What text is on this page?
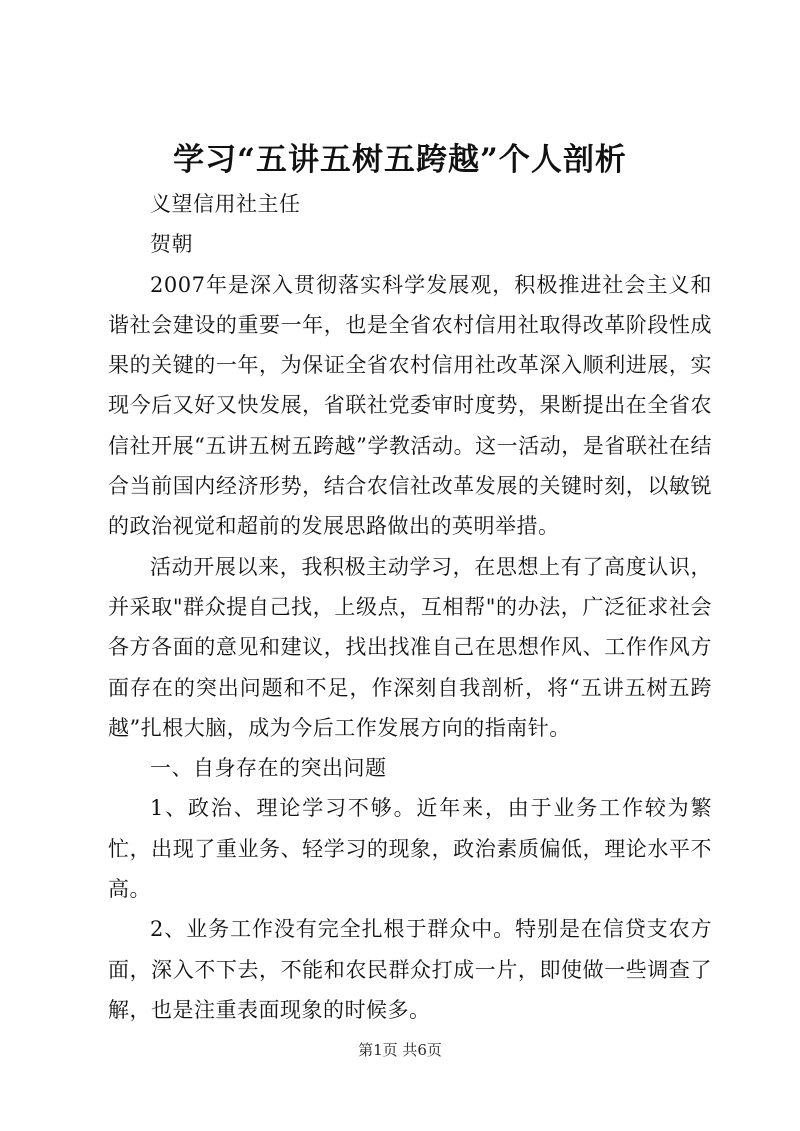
学习“五讲五树五跨越”个人剖析

义望信用社主任

贺朝

2007年是深入贯彻落实科学发展观，积极推进社会主义和谐社会建设的重要一年，也是全省农村信用社取得改革阶段性成果的关键的一年，为保证全省农村信用社改革深入顺利进展，实现今后又好又快发展，省联社党委审时度势，果断提出在全省农信社开展“五讲五树五跨越”学教活动。这一活动，是省联社在结合当前国内经济形势，结合农信社改革发展的关键时刻，以敏锐的政治视觉和超前的发展思路做出的英明举措。

活动开展以来，我积极主动学习，在思想上有了高度认识，并采取"群众提自己找，上级点，互相帮"的办法，广泛征求社会各方各面的意见和建议，找出找准自己在思想作风、工作作风方面存在的突出问题和不足，作深刻自我剖析，将“五讲五树五跨越”扎根大脑，成为今后工作发展方向的指南针。

一、自身存在的突出问题

1、政治、理论学习不够。近年来，由于业务工作较为繁忙，出现了重业务、轻学习的现象，政治素质偏低，理论水平不高。

2、业务工作没有完全扎根于群众中。特别是在信贷支农方面，深入不下去，不能和农民群众打成一片，即使做一些调查了解，也是注重表面现象的时候多。

第1页 共6页
